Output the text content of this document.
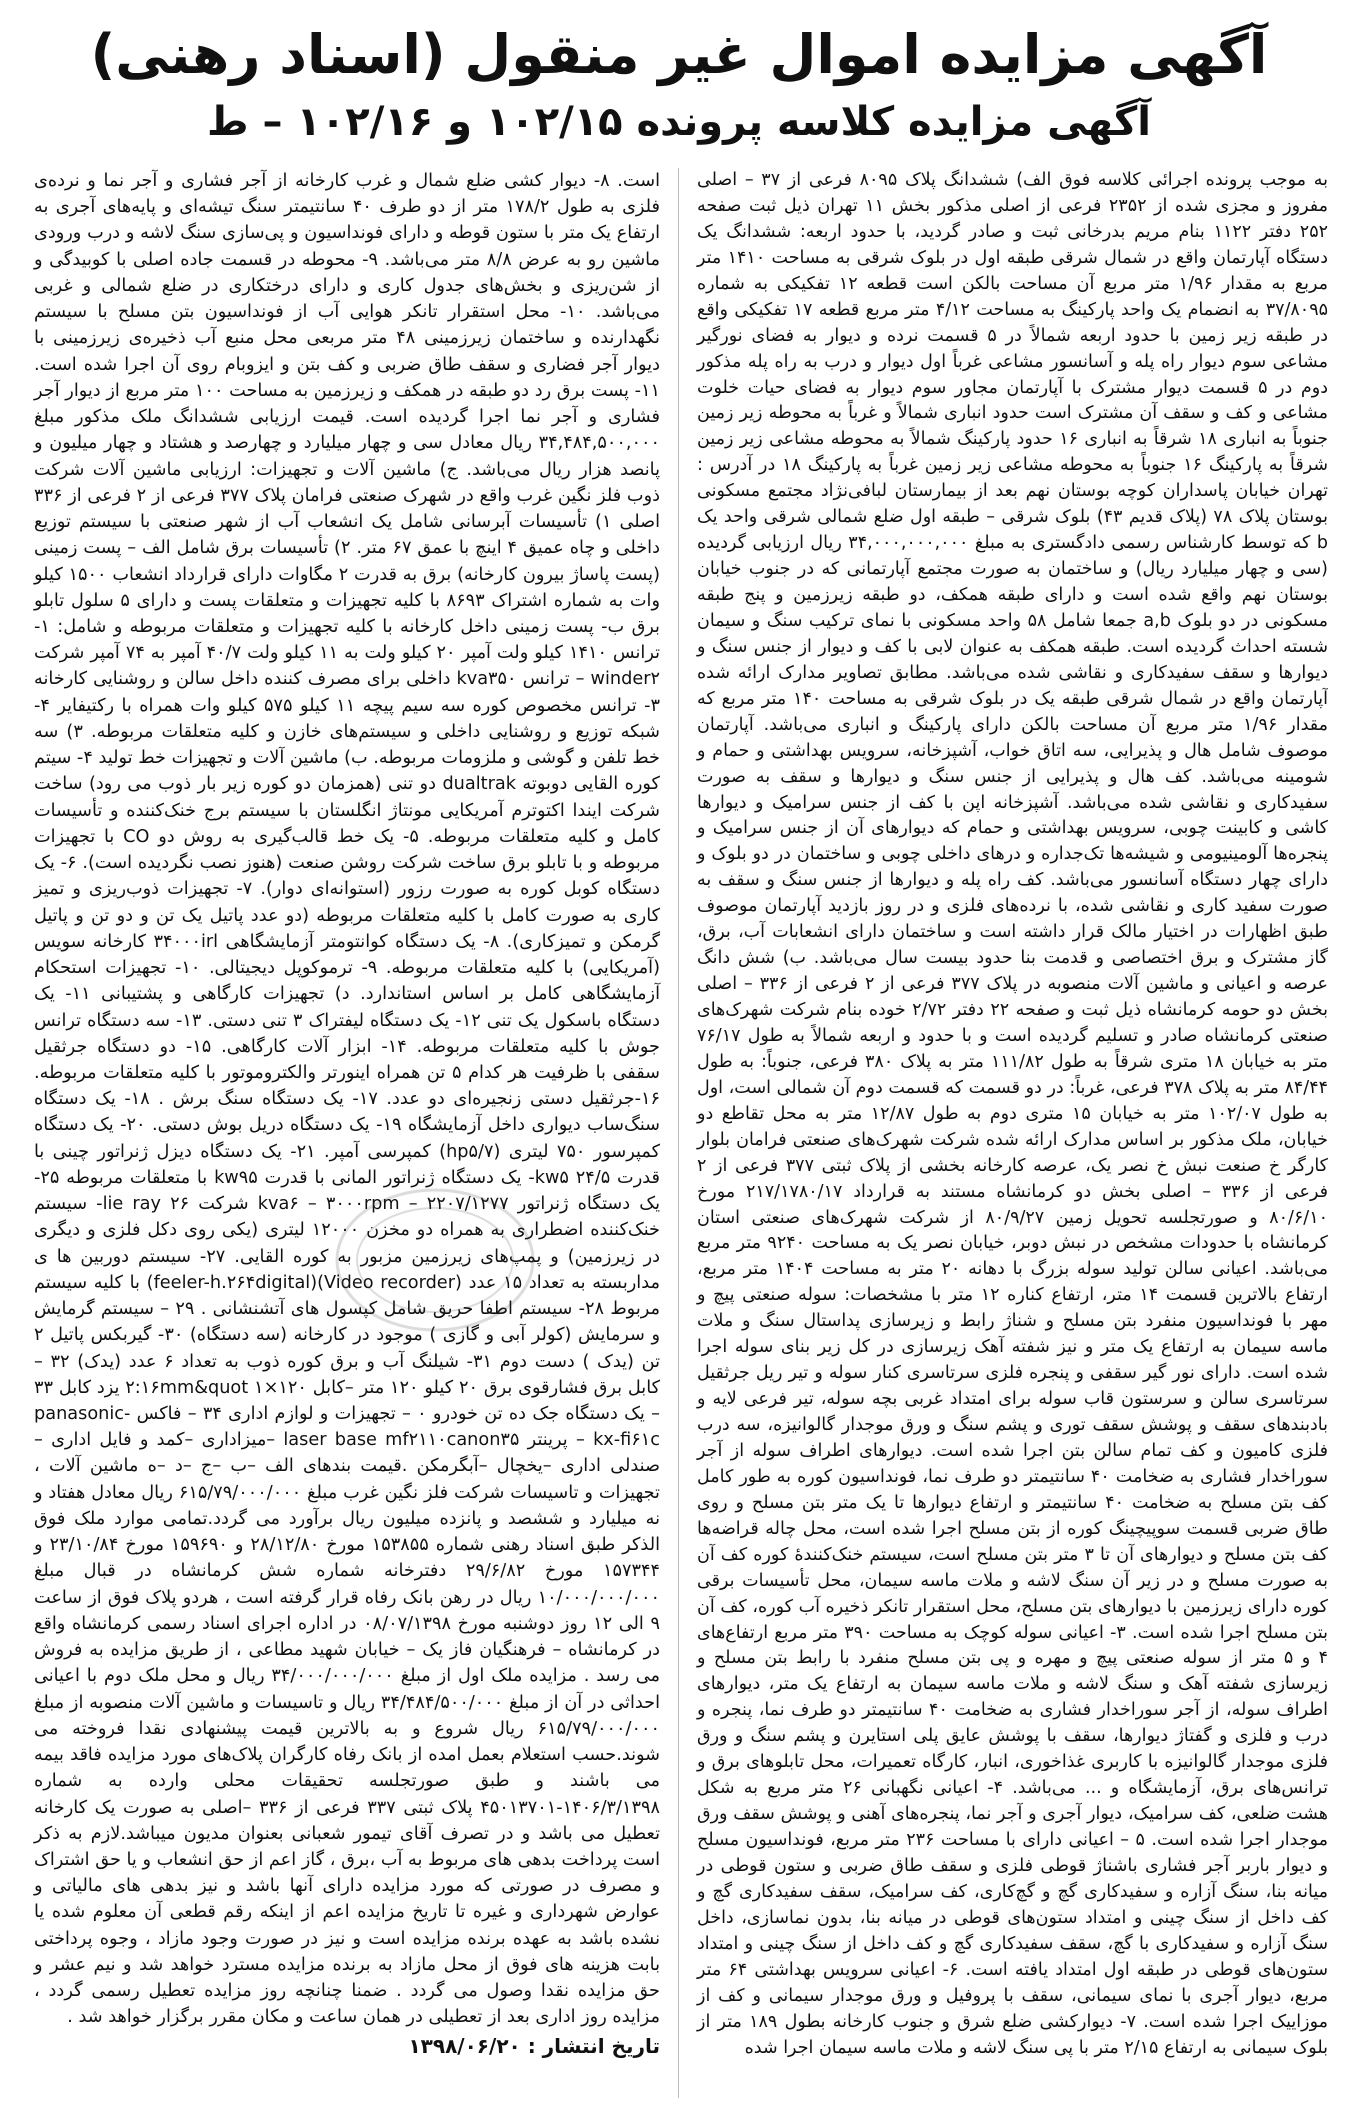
آگهی مزایده اموال غیر منقول (اسناد رهنی)
آگهی مزایده کلاسه پرونده ۱۰۲/۱۵ و ۱۰۲/۱۶ – ط

به موجب پرونده اجرائی کلاسه فوق الف) ششدانگ پلاک ۸۰۹۵ فرعی از ۳۷ – اصلی مفروز و مجزی شده از ۲۳۵۲ فرعی از اصلی مذکور بخش ۱۱ تهران ذیل ثبت صفحه ۲۵۲ دفتر ۱۱۲۲ بنام مریم بدرخانی ثبت و صادر گردید، با حدود اربعه: ششدانگ یک دستگاه آپارتمان واقع در شمال شرقی طبقه اول در بلوک شرقی به مساحت ۱۴۱۰ متر مربع به مقدار ۱/۹۶ متر مربع آن مساحت بالکن است قطعه ۱۲ تفکیکی به شماره ۳۷/۸۰۹۵ به انضمام یک واحد پارکینگ به مساحت ۴/۱۲ متر مربع قطعه ۱۷ تفکیکی واقع در طبقه زیر زمین با حدود اربعه شمالاً در ۵ قسمت نرده و دیوار به فضای نورگیر مشاعی سوم دیوار راه پله و آسانسور مشاعی غرباً اول دیوار و درب به راه پله مذکور دوم در ۵ قسمت دیوار مشترک با آپارتمان مجاور سوم دیوار به فضای حیات خلوت مشاعی و کف و سقف آن مشترک است حدود انباری شمالاً و غرباً به محوطه زیر زمین جنوباً به انباری ۱۸ شرقاً به انباری ۱۶ حدود پارکینگ شمالاً به محوطه مشاعی زیر زمین شرقاً به پارکینگ ۱۶ جنوباً به محوطه مشاعی زیر زمین غرباً به پارکینگ ۱۸ در آدرس : تهران خیابان پاسداران کوچه بوستان نهم بعد از بیمارستان لبافی‌نژاد مجتمع مسکونی بوستان پلاک ۷۸ (پلاک قدیم ۴۳) بلوک شرقی – طبقه اول ضلع شمالی شرقی واحد یک b که توسط کارشناس رسمی دادگستری به مبلغ ۳۴,۰۰۰,۰۰۰,۰۰۰ ریال ارزیابی گردیده (سی و چهار میلیارد ریال) و ساختمان به صورت مجتمع آپارتمانی که در جنوب خیابان بوستان نهم واقع شده است و دارای طبقه همکف، دو طبقه زیرزمین و پنج طبقه مسکونی در دو بلوک a,b جمعا شامل ۵۸ واحد مسکونی با نمای ترکیب سنگ و سیمان شسته احداث گردیده است. طبقه همکف به عنوان لابی با کف و دیوار از جنس سنگ و دیوارها و سقف سفیدکاری و نقاشی شده می‌باشد. مطابق تصاویر مدارک ارائه شده آپارتمان واقع در شمال شرقی طبقه یک در بلوک شرقی به مساحت ۱۴۰ متر مربع که مقدار ۱/۹۶ متر مربع آن مساحت بالکن دارای پارکینگ و انباری می‌باشد. آپارتمان موصوف شامل هال و پذیرایی، سه اتاق خواب، آشپزخانه، سرویس بهداشتی و حمام و شومینه می‌باشد. کف هال و پذیرایی از جنس سنگ و دیوارها و سقف به صورت سفیدکاری و نقاشی شده می‌باشد. آشپزخانه اپن با کف از جنس سرامیک و دیوارها کاشی و کابینت چوبی، سرویس بهداشتی و حمام که دیوارهای آن از جنس سرامیک و پنجره‌ها آلومینیومی و شیشه‌ها تک‌جداره و درهای داخلی چوبی و ساختمان در دو بلوک و دارای چهار دستگاه آسانسور می‌باشد. کف راه پله و دیوارها از جنس سنگ و سقف به صورت سفید کاری و نقاشی شده، با نرده‌های فلزی و در روز بازدید آپارتمان موصوف طبق اظهارات در اختیار مالک قرار داشته است و ساختمان دارای انشعابات آب، برق، گاز مشترک و برق اختصاصی و قدمت بنا حدود بیست سال می‌باشد. ب) شش دانگ عرصه و اعیانی و ماشین آلات منصوبه در پلاک ۳۷۷ فرعی از ۲ فرعی از ۳۳۶ – اصلی بخش دو حومه کرمانشاه ذیل ثبت و صفحه ۲۲ دفتر ۲/۷۲ خوده بنام شرکت شهرک‌های صنعتی کرمانشاه صادر و تسلیم گردیده است و با حدود و اربعه شمالاً به طول ۷۶/۱۷ متر به خیابان ۱۸ متری شرقاً به طول ۱۱۱/۸۲ متر به پلاک ۳۸۰ فرعی، جنوباً: به طول ۸۴/۴۴ متر به پلاک ۳۷۸ فرعی، غرباً: در دو قسمت که قسمت دوم آن شمالی است، اول به طول ۱۰۲/۰۷ متر به خیابان ۱۵ متری دوم به طول ۱۲/۸۷ متر به محل تقاطع دو خیابان، ملک مذکور بر اساس مدارک ارائه شده شرکت شهرک‌های صنعتی فرامان بلوار کارگر خ صنعت نبش خ نصر یک، عرصه کارخانه بخشی از پلاک ثبتی ۳۷۷ فرعی از ۲ فرعی از ۳۳۶ – اصلی بخش دو کرمانشاه مستند به قرارداد ۲۱۷/۱۷۸۰/۱۷ مورخ ۸۰/۶/۱۰ و صورتجلسه تحویل زمین ۸۰/۹/۲۷ از شرکت شهرک‌های صنعتی استان کرمانشاه با حدودات مشخص در نبش دوبر، خیابان نصر یک به مساحت ۹۲۴۰ متر مربع می‌باشد. اعیانی سالن تولید سوله بزرگ با دهانه ۲۰ متر به مساحت ۱۴۰۴ متر مربع، ارتفاع بالاترین قسمت ۱۴ متر، ارتفاع کناره ۱۲ متر با مشخصات: سوله صنعتی پیچ و مهر با فونداسیون منفرد بتن مسلح و شناژ رابط و زیرسازی پداستال سنگ و ملات ماسه سیمان به ارتفاع یک متر و نیز شفته آهک زیرسازی در کل زیر بنای سوله اجرا شده است. دارای نور گیر سقفی و پنجره فلزی سرتاسری کنار سوله و تیر ریل جرثقیل سرتاسری سالن و سرستون قاب سوله برای امتداد غربی بچه سوله، تیر فرعی لایه و بادبندهای سقف و پوشش سقف توری و پشم سنگ و ورق موجدار گالوانیزه، سه درب فلزی کامیون و کف تمام سالن بتن اجرا شده است. دیوارهای اطراف سوله از آجر سوراخدار فشاری به ضخامت ۴۰ سانتیمتر دو طرف نما، فونداسیون کوره به طور کامل کف بتن مسلح به ضخامت ۴۰ سانتیمتر و ارتفاع دیوارها تا یک متر بتن مسلح و روی طاق ضربی قسمت سوپیچینگ کوره از بتن مسلح اجرا شده است، محل چاله قراضه‌ها کف بتن مسلح و دیوارهای آن تا ۳ متر بتن مسلح است، سیستم خنک‌کنندهٔ کوره کف آن به صورت مسلح و در زیر آن سنگ لاشه و ملات ماسه سیمان، محل تأسیسات برقی کوره دارای زیرزمین با دیوارهای بتن مسلح، محل استقرار تانکر ذخیره آب کوره، کف آن بتن مسلح اجرا شده است. ۳- اعیانی سوله کوچک به مساحت ۳۹۰ متر مربع ارتفاع‌های ۴ و ۵ متر از سوله صنعتی پیچ و مهره و پی بتن مسلح منفرد با رابط بتن مسلح و زیرسازی شفته آهک و سنگ لاشه و ملات ماسه سیمان به ارتفاع یک متر، دیوارهای اطراف سوله، از آجر سوراخدار فشاری به ضخامت ۴۰ سانتیمتر دو طرف نما، پنجره و درب و فلزی و گفتاژ دیوارها، سقف با پوشش عایق پلی استایرن و پشم سنگ و ورق فلزی موجدار گالوانیزه با کاربری غذاخوری، انبار، کارگاه تعمیرات، محل تابلوهای برق و ترانس‌های برق، آزمایشگاه و ... می‌باشد. ۴- اعیانی نگهبانی ۲۶ متر مربع به شکل هشت ضلعی، کف سرامیک، دیوار آجری و آجر نما، پنجره‌های آهنی و پوشش سقف ورق موجدار اجرا شده است. ۵ – اعیانی دارای با مساحت ۲۳۶ متر مربع، فونداسیون مسلح و دیوار باربر آجر فشاری باشناژ قوطی فلزی و سقف طاق ضربی و ستون قوطی در میانه بنا، سنگ آزاره و سفیدکاری گچ و گچ‌کاری، کف سرامیک، سقف سفیدکاری گچ و کف داخل از سنگ چینی و امتداد ستون‌های قوطی در میانه بنا، بدون نماسازی، داخل سنگ آزاره و سفیدکاری با گچ، سقف سفیدکاری گچ و کف داخل از سنگ چینی و امتداد ستون‌های قوطی در طبقه اول امتداد یافته است. ۶- اعیانی سرویس بهداشتی ۶۴ متر مربع، دیوار آجری با نمای سیمانی، سقف با پروفیل و ورق موجدار سیمانی و کف از موزاییک اجرا شده است. ۷- دیوارکشی ضلع شرق و جنوب کارخانه بطول ۱۸۹ متر از بلوک سیمانی به ارتفاع ۲/۱۵ متر با پی سنگ لاشه و ملات ماسه سیمان اجرا شده

است. ۸- دیوار کشی ضلع شمال و غرب کارخانه از آجر فشاری و آجر نما و نرده‌ی فلزی به طول ۱۷۸/۲ متر از دو طرف ۴۰ سانتیمتر سنگ تیشه‌ای و پایه‌های آجری به ارتفاع یک متر با ستون قوطه و دارای فونداسیون و پی‌سازی سنگ لاشه و درب ورودی ماشین رو به عرض ۸/۸ متر می‌باشد. ۹- محوطه در قسمت جاده اصلی با کوبیدگی و از شن‌ریزی و بخش‌های جدول کاری و دارای درختکاری در ضلع شمالی و غربی می‌باشد. ۱۰- محل استقرار تانکر هوایی آب از فونداسیون بتن مسلح با سیستم نگهدارنده و ساختمان زیرزمینی ۴۸ متر مربعی محل منبع آب ذخیره‌ی زیرزمینی با دیوار آجر فضاری و سقف طاق ضربی و کف بتن و ایزوبام روی آن اجرا شده است. ۱۱- پست برق رد دو طبقه در همکف و زیرزمین به مساحت ۱۰۰ متر مربع از دیوار آجر فشاری و آجر نما اجرا گردیده است. قیمت ارزیابی ششدانگ ملک مذکور مبلغ ۳۴,۴۸۴,۵۰۰,۰۰۰ ریال معادل سی و چهار میلیارد و چهارصد و هشتاد و چهار میلیون و پانصد هزار ریال می‌باشد. ج) ماشین آلات و تجهیزات: ارزیابی ماشین آلات شرکت ذوب فلز نگین غرب واقع در شهرک صنعتی فرامان پلاک ۳۷۷ فرعی از ۲ فرعی از ۳۳۶ اصلی ۱) تأسیسات آبرسانی شامل یک انشعاب آب از شهر صنعتی با سیستم توزیع داخلی و چاه عمیق ۴ اینچ با عمق ۶۷ متر. ۲) تأسیسات برق شامل الف – پست زمینی (پست پاساژ بیرون کارخانه) برق به قدرت ۲ مگاوات دارای قرارداد انشعاب ۱۵۰۰ کیلو وات به شماره اشتراک ۸۶۹۳ با کلیه تجهیزات و متعلقات پست و دارای ۵ سلول تابلو برق ب- پست زمینی داخل کارخانه با کلیه تجهیزات و متعلقات مربوطه و شامل: ۱- ترانس ۱۴۱۰ کیلو ولت آمپر ۲۰ کیلو ولت به ۱۱ کیلو ولت ۴۰/۷ آمپر به ۷۴ آمپر شرکت winder۲ – ترانس kva۳۵۰ داخلی برای مصرف کننده داخل سالن و روشنایی کارخانه ۳- ترانس مخصوص کوره سه سیم پیچه ۱۱ کیلو ۵۷۵ کیلو وات همراه با رکتیفایر ۴- شبکه توزیع و روشنایی داخلی و سیستم‌های خازن و کلیه متعلقات مربوطه. ۳) سه خط تلفن و گوشی و ملزومات مربوطه. ب) ماشین آلات و تجهیزات خط تولید ۴- سیتم کوره القایی دوبوته dualtrak دو تنی (همزمان دو کوره زیر بار ذوب می رود) ساخت شرکت ایندا اکتوترم آمریکایی مونتاژ انگلستان با سیستم برج خنک‌کننده و تأسیسات کامل و کلیه متعلقات مربوطه. ۵- یک خط قالب‌گیری به روش دو CO با تجهیزات مربوطه و با تابلو برق ساخت شرکت روشن صنعت (هنوز نصب نگردیده است). ۶- یک دستگاه کوبل کوره به صورت رزور (استوانه‌ای دوار). ۷- تجهیزات ذوب‌ریزی و تمیز کاری به صورت کامل با کلیه متعلقات مربوطه (دو عدد پاتیل یک تن و دو تن و پاتیل گرمکن و تمیزکاری). ۸- یک دستگاه کوانتومتر آزمایشگاهی ۳۴۰۰۰irl کارخانه سویس (آمریکایی) با کلیه متعلقات مربوطه. ۹- ترموکوپل دیجیتالی. ۱۰- تجهیزات استحکام آزمایشگاهی کامل بر اساس استاندارد. د) تجهیزات کارگاهی و پشتیبانی ۱۱- یک دستگاه باسکول یک تنی ۱۲- یک دستگاه لیفتراک ۳ تنی دستی. ۱۳- سه دستگاه ترانس جوش با کلیه متعلقات مربوطه. ۱۴- ابزار آلات کارگاهی. ۱۵- دو دستگاه جرثقیل سقفی با ظرفیت هر کدام ۵ تن همراه اینورتر والکتروموتور با کلیه متعلقات مربوطه. ۱۶-جرثقیل دستی زنجیره‌ای دو عدد. ۱۷- یک دستگاه سنگ برش . ۱۸- یک دستگاه سنگ‌ساب دیواری داخل آزمایشگاه ۱۹- یک دستگاه دریل بوش دستی. ۲۰- یک دستگاه کمپرسور ۷۵۰ لیتری (۷/hp۵) کمپرسی آمپر. ۲۱- یک دستگاه دیزل ژنراتور چینی با قدرت ۵/kw۵ ۲۴- یک دستگاه ژنراتور المانی با قدرت kw۹۵ با متعلقات مربوطه ۲۵- یک دستگاه ژنراتور ۲۲۰۷/۱۲۷۷ – kva۶ – ۳۰۰۰rpm شرکت lie ray ۲۶- سیستم خنک‌کننده اضطراری به همراه دو مخزن ۱۲۰۰۰ لیتری (یکی روی دکل فلزی و دیگری در زیرزمین) و پمپ‌های زیرزمین مزبور به کوره القایی. ۲۷- سیستم دوربین ها ی مداربسته به تعداد ۱۵ عدد (Video recorder)(feeler-h.۲۶۴digital) با کلیه سیستم مربوط ۲۸- سیستم اطفا حریق شامل کپسول های آتشنشانی . ۲۹ – سیستم گرمایش و سرمایش (کولر آبی و گازی ) موجود در کارخانه (سه دستگاه) ۳۰- گیربکس پاتیل ۲ تن (یدک ) دست دوم ۳۱- شیلنگ آب و برق کوره ذوب به تعداد ۶ عدد (یدک) ۳۲ – کابل برق فشارقوی برق ۲۰ کیلو ۱۲۰ متر –کابل ۱۲۰×۱ ۲:۱۶mm&quot یزد کابل ۳۳ – یک دستگاه جک ده تن خودرو ۰ – تجهیزات و لوازم اداری ۳۴ – فاکس panasonic-kx-fi۶۱c – پرینتر laser base mf۲۱۱۰canon۳۵ –میزاداری –کمد و فایل اداری –صندلی اداری –یخچال –آبگرمکن .قیمت بندهای الف –ب –ج –د –ه ماشین آلات ، تجهیزات و تاسیسات شرکت فلز نگین غرب مبلغ ۶۱۵/۷۹/۰۰۰/۰۰۰ ریال معادل هفتاد و نه میلیارد و ششصد و پانزده میلیون ریال برآورد می گردد.تمامی موارد ملک فوق الذکر طبق اسناد رهنی شماره ۱۵۳۸۵۵ مورخ ۲۸/۱۲/۸۰ و ۱۵۹۶۹۰ مورخ ۲۳/۱۰/۸۴ و ۱۵۷۳۴۴ مورخ ۲۹/۶/۸۲ دفترخانه شماره شش کرمانشاه در قبال مبلغ ۱۰/۰۰۰/۰۰۰/۰۰۰ ریال در رهن بانک رفاه قرار گرفته است ، هردو پلاک فوق از ساعت ۹ الی ۱۲ روز دوشنبه مورخ ۰۸/۰۷/۱۳۹۸ در اداره اجرای اسناد رسمی کرمانشاه واقع در کرمانشاه – فرهنگیان فاز یک – خیابان شهید مطاعی ، از طریق مزایده به فروش می رسد . مزایده ملک اول از مبلغ ۳۴/۰۰۰/۰۰۰/۰۰۰ ریال و محل ملک دوم با اعیانی احداثی در آن از مبلغ ۳۴/۴۸۴/۵۰۰/۰۰۰ ریال و تاسیسات و ماشین آلات منصوبه از مبلغ ۶۱۵/۷۹/۰۰۰/۰۰۰ ریال شروع و به بالاترین قیمت پیشنهادی نقدا فروخته می شوند.حسب استعلام بعمل امده از بانک رفاه کارگران پلاک‌های مورد مزایده فاقد بیمه می باشند و طبق صورتجلسه تحقیقات محلی وارده به شماره ۱۴۰۶/۳/۱۳۹۸-۴۵۰۱۳۷۰۱ پلاک ثبتی ۳۳۷ فرعی از ۳۳۶ –اصلی به صورت یک کارخانه تعطیل می باشد و در تصرف آقای تیمور شعبانی بعنوان مدیون میباشد.لازم به ذکر است پرداخت بدهی های مربوط به آب ،برق ، گاز اعم از حق انشعاب و یا حق اشتراک و مصرف در صورتی که مورد مزایده دارای آنها باشد و نیز بدهی های مالیاتی و عوارض شهرداری و غیره تا تاریخ مزایده اعم از اینکه رقم قطعی آن معلوم شده یا نشده باشد به عهده برنده مزایده است و نیز در صورت وجود مازاد ، وجوه پرداختی بابت هزینه های فوق از محل مازاد به برنده مزایده مسترد خواهد شد و نیم عشر و حق مزایده نقدا وصول می گردد . ضمنا چنانچه روز مزایده تعطیل رسمی گردد ، مزایده روز اداری بعد از تعطیلی در همان ساعت و مکان مقرر برگزار خواهد شد .

تاریخ انتشار : ۱۳۹۸/۰۶/۲۰
